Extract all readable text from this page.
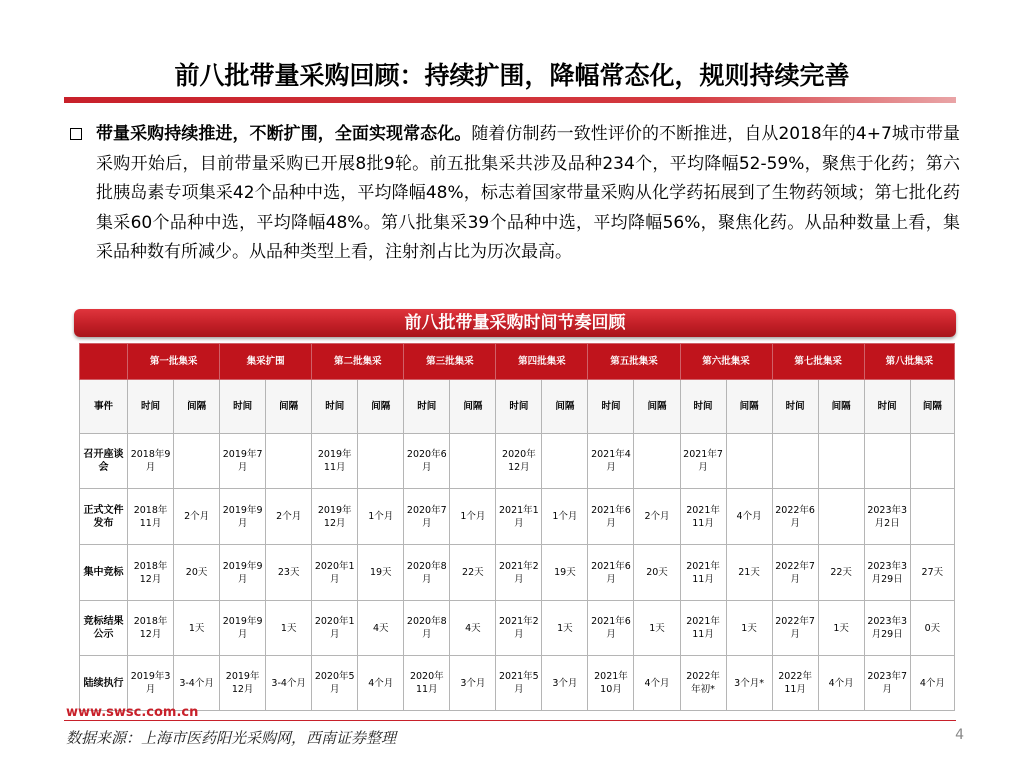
前八批带量采购回顾：持续扩围，降幅常态化，规则持续完善
带量采购持续推进，不断扩围，全面实现常态化。随着仿制药一致性评价的不断推进，自从2018年的4+7城市带量采购开始后，目前带量采购已开展8批9轮。前五批集采共涉及品种234个，平均降幅52-59%，聚焦于化药；第六批胰岛素专项集采42个品种中选，平均降幅48%，标志着国家带量采购从化学药拓展到了生物药领域；第七批化药集采60个品种中选，平均降幅48%。第八批集采39个品种中选，平均降幅56%，聚焦化药。从品种数量上看，集采品种数有所减少。从品种类型上看，注射剂占比为历次最高。
前八批带量采购时间节奏回顾
	第一批集采		集采扩围		第二批集采		第三批集采		第四批集采		第五批集采		第六批集采		第七批集采		第八批集采	
事件	时间	间隔	时间	间隔	时间	间隔	时间	间隔	时间	间隔	时间	间隔	时间	间隔	时间	间隔	时间	间隔
召开座谈会	2018年9月		2019年7月		2019年11月		2020年6月		2020年12月		2021年4月		2021年7月					
正式文件发布	2018年11月	2个月	2019年9月	2个月	2019年12月	1个月	2020年7月	1个月	2021年1月	1个月	2021年6月	2个月	2021年11月	4个月	2022年6月		2023年3月2日	
集中竞标	2018年12月	20天	2019年9月	23天	2020年1月	19天	2020年8月	22天	2021年2月	19天	2021年6月	20天	2021年11月	21天	2022年7月	22天	2023年3月29日	27天
竞标结果公示	2018年12月	1天	2019年9月	1天	2020年1月	4天	2020年8月	4天	2021年2月	1天	2021年6月	1天	2021年11月	1天	2022年7月	1天	2023年3月29日	0天
陆续执行	2019年3月	3-4个月	2019年12月	3-4个月	2020年5月	4个月	2020年11月	3个月	2021年5月	3个月	2021年10月	4个月	2022年年初*	3个月*	2022年11月	4个月	2023年7月	4个月
www.swsc.com.cn
数据来源：上海市医药阳光采购网，西南证券整理	4
